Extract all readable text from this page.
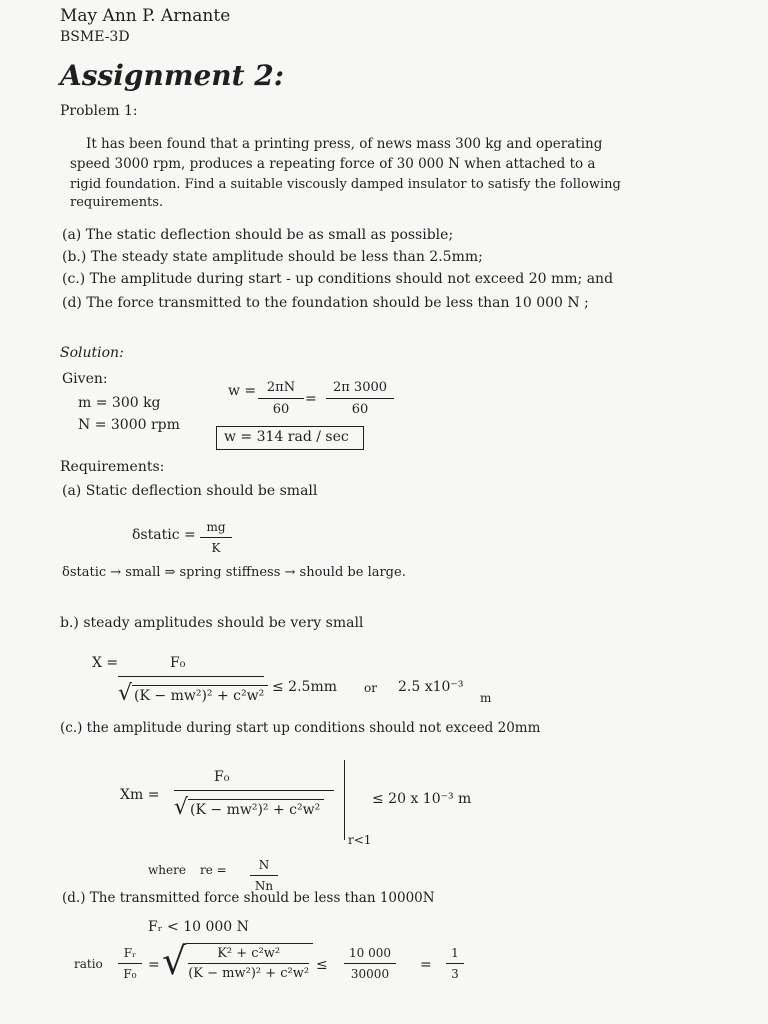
May Ann P. Arnante
BSME-3D
Assignment 2:
Problem 1:
It has been found that a printing press, of news mass 300 kg and operating
speed 3000 rpm, produces a repeating force of 30 000 N when attached to a
rigid foundation. Find a suitable viscously damped insulator to satisfy the following
requirements.
(a) The static deflection should be as small as possible;
(b.) The steady state amplitude should be less than 2.5mm;
(c.) The amplitude during start - up conditions should not exceed 20 mm; and
(d) The force transmitted to the foundation should be less than 10 000 N ;
Solution:
Given:
m = 300 kg
N = 3000 rpm
w = 2πN
60
=
2π 3000
60
w = 314 rad / sec
Requirements:
(a) Static deflection should be small
δstatic = mg
K
δstatic → small ⇒ spring stiffness → should be large.
b.) steady amplitudes should be very small
X =	F₀
√ (K − mw²)² + c²w²
≤ 2.5mm or 2.5 x10⁻³
m
(c.) the amplitude during start up conditions should not exceed 20mm
Xm =
F₀
√ (K − mw²)² + c²w²
r<1
≤ 20 x 10⁻³ m
where re =	N
Nn
(d.) The transmitted force should be less than 10000N
Fᵣ < 10 000 N
ratio
Fᵣ
F₀
= √ $\frac{\text{K² + c²w²}}{\text{(K − mw²)² + c²w²}}$ ≤
10 000
30000
=
1
3
